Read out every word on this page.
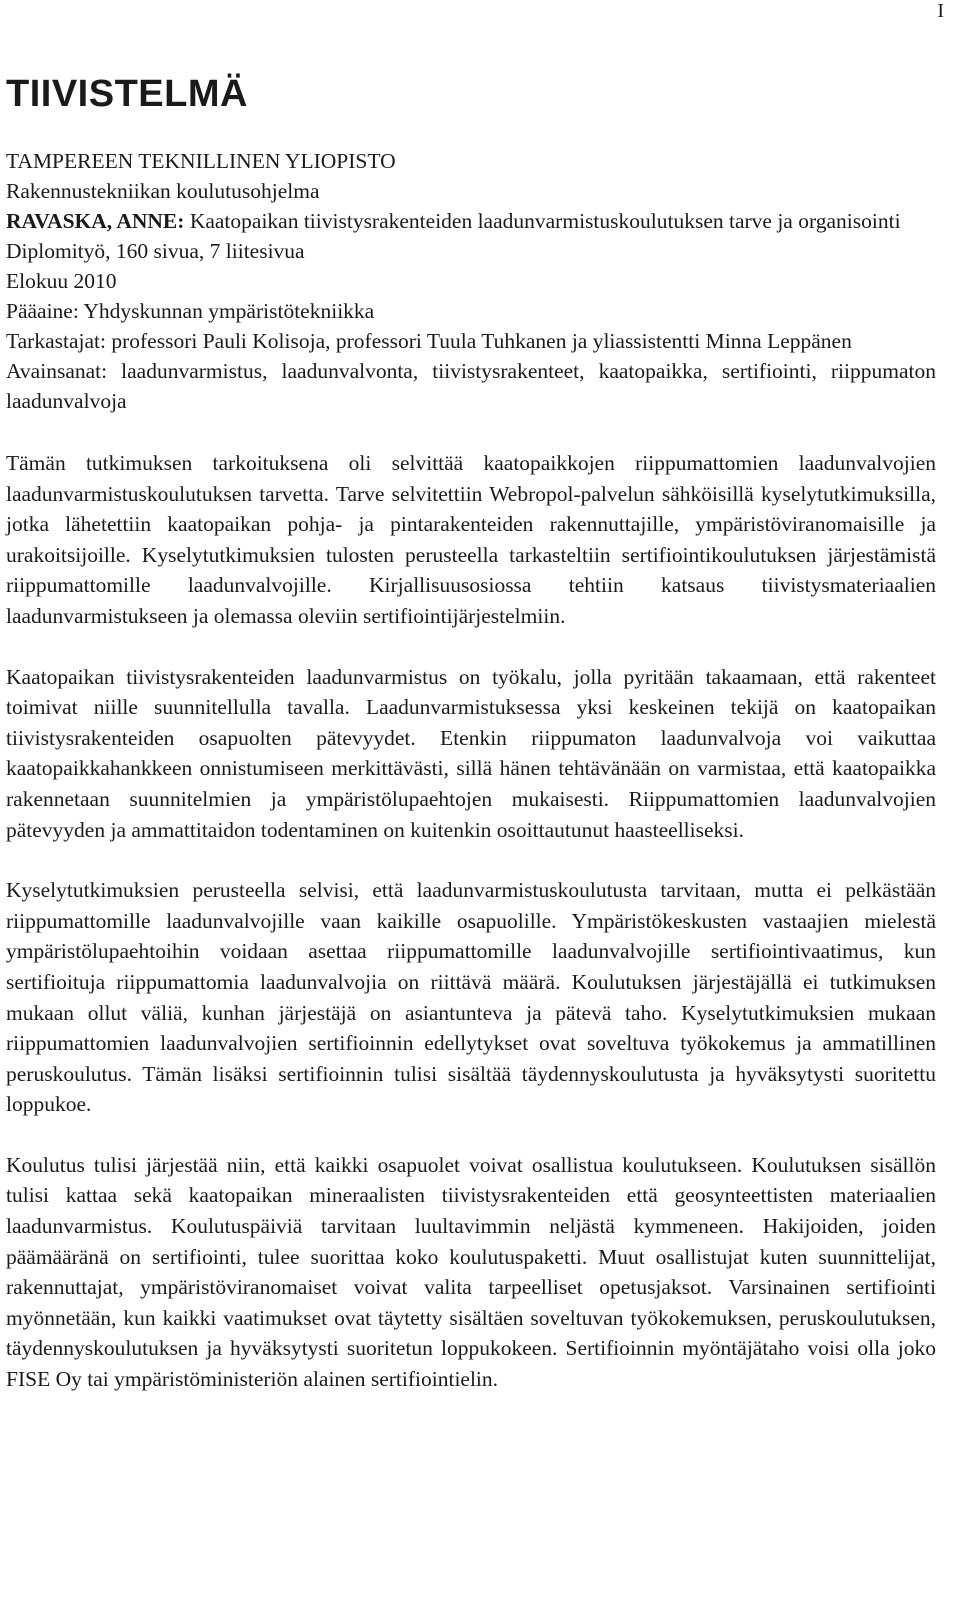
I
TIIVISTELMÄ

TAMPEREEN TEKNILLINEN YLIOPISTO

Rakennustekniikan koulutusohjelma

RAVASKA, ANNE: Kaatopaikan tiivistysrakenteiden laadunvarmistuskoulutuksen tarve ja organisointi

Diplomityö, 160 sivua, 7 liitesivua

Elokuu 2010

Pääaine: Yhdyskunnan ympäristötekniikka

Tarkastajat: professori Pauli Kolisoja, professori Tuula Tuhkanen ja yliassistentti Minna Leppänen

Avainsanat: laadunvarmistus, laadunvalvonta, tiivistysrakenteet, kaatopaikka, sertifiointi, riippumaton laadunvalvoja

Tämän tutkimuksen tarkoituksena oli selvittää kaatopaikkojen riippumattomien laadunvalvojien laadunvarmistuskoulutuksen tarvetta. Tarve selvitettiin Webropol-palvelun sähköisillä kyselytutkimuksilla, jotka lähetettiin kaatopaikan pohja- ja pintarakenteiden rakennuttajille, ympäristöviranomaisille ja urakoitsijoille. Kyselytutkimuksien tulosten perusteella tarkasteltiin sertifiointikoulutuksen järjestämistä riippumattomille laadunvalvojille. Kirjallisuusosiossa tehtiin katsaus tiivistysmateriaalien laadunvarmistukseen ja olemassa oleviin sertifiointijärjestelmiin.

Kaatopaikan tiivistysrakenteiden laadunvarmistus on työkalu, jolla pyritään takaamaan, että rakenteet toimivat niille suunnitellulla tavalla. Laadunvarmistuksessa yksi keskeinen tekijä on kaatopaikan tiivistysrakenteiden osapuolten pätevyydet. Etenkin riippumaton laadunvalvoja voi vaikuttaa kaatopaikkahankkeen onnistumiseen merkittävästi, sillä hänen tehtävänään on varmistaa, että kaatopaikka rakennetaan suunnitelmien ja ympäristölupaehtojen mukaisesti. Riippumattomien laadunvalvojien pätevyyden ja ammattitaidon todentaminen on kuitenkin osoittautunut haasteelliseksi.

Kyselytutkimuksien perusteella selvisi, että laadunvarmistuskoulutusta tarvitaan, mutta ei pelkästään riippumattomille laadunvalvojille vaan kaikille osapuolille. Ympäristökeskusten vastaajien mielestä ympäristölupaehtoihin voidaan asettaa riippumattomille laadunvalvojille sertifiointivaatimus, kun sertifioituja riippumattomia laadunvalvojia on riittävä määrä. Koulutuksen järjestäjällä ei tutkimuksen mukaan ollut väliä, kunhan järjestäjä on asiantunteva ja pätevä taho. Kyselytutkimuksien mukaan riippumattomien laadunvalvojien sertifioinnin edellytykset ovat soveltuva työkokemus ja ammatillinen peruskoulutus. Tämän lisäksi sertifioinnin tulisi sisältää täydennyskoulutusta ja hyväksytysti suoritettu loppukoe.

Koulutus tulisi järjestää niin, että kaikki osapuolet voivat osallistua koulutukseen. Koulutuksen sisällön tulisi kattaa sekä kaatopaikan mineraalisten tiivistysrakenteiden että geosynteettisten materiaalien laadunvarmistus. Koulutuspäiviä tarvitaan luultavimmin neljästä kymmeneen. Hakijoiden, joiden päämääränä on sertifiointi, tulee suorittaa koko koulutuspaketti. Muut osallistujat kuten suunnittelijat, rakennuttajat, ympäristöviranomaiset voivat valita tarpeelliset opetusjaksot. Varsinainen sertifiointi myönnetään, kun kaikki vaatimukset ovat täytetty sisältäen soveltuvan työkokemuksen, peruskoulutuksen, täydennyskoulutuksen ja hyväksytysti suoritetun loppukokeen. Sertifioinnin myöntäjätaho voisi olla joko FISE Oy tai ympäristöministeriön alainen sertifiointielin.
